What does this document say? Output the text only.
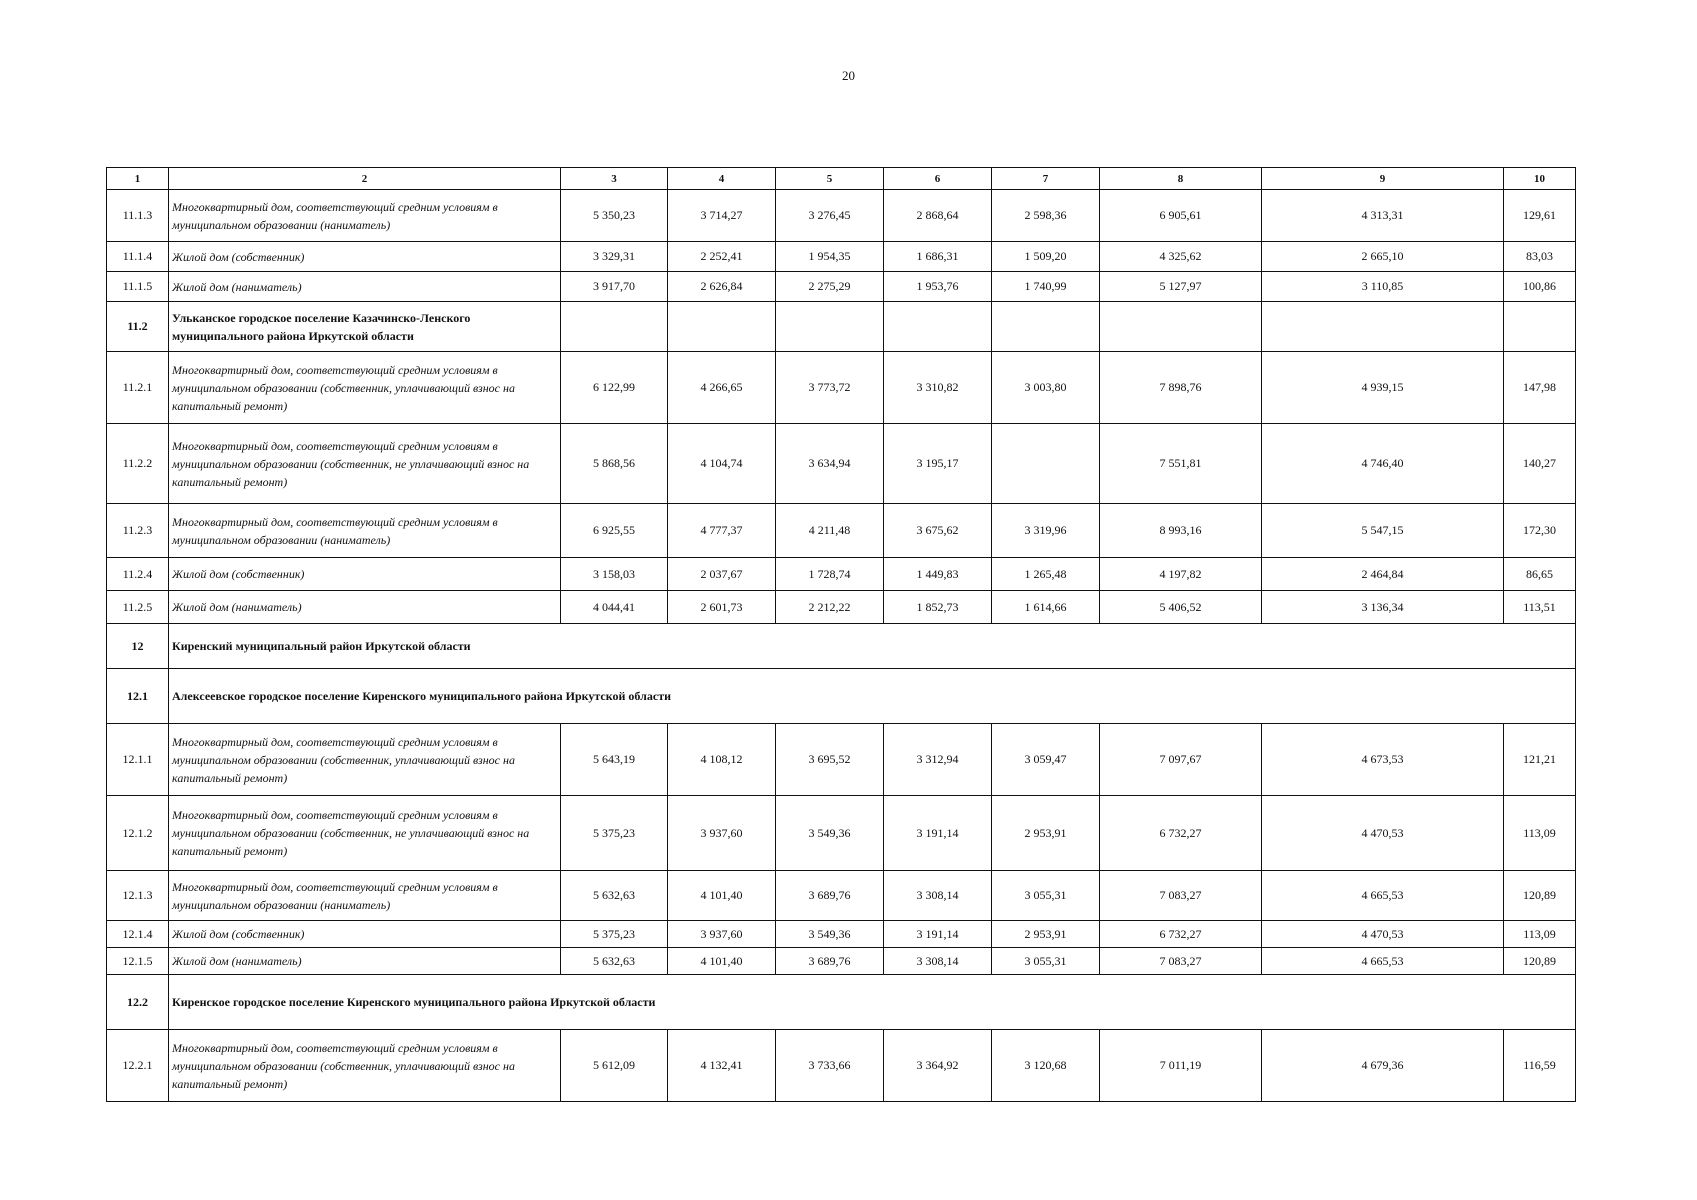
20
1	2	3	4	5	6	7	8	9	10
11.1.3	Многоквартирный дом, соответствующий средним условиям в муниципальном образовании (наниматель)	5 350,23	3 714,27	3 276,45	2 868,64	2 598,36	6 905,61	4 313,31	129,61
11.1.4	Жилой дом (собственник)	3 329,31	2 252,41	1 954,35	1 686,31	1 509,20	4 325,62	2 665,10	83,03
11.1.5	Жилой дом (наниматель)	3 917,70	2 626,84	2 275,29	1 953,76	1 740,99	5 127,97	3 110,85	100,86
11.2	Ульканское городское поселение Казачинско-Ленского муниципального района Иркутской области								
11.2.1	Многоквартирный дом, соответствующий средним условиям в муниципальном образовании (собственник, уплачивающий взнос на капитальный ремонт)	6 122,99	4 266,65	3 773,72	3 310,82	3 003,80	7 898,76	4 939,15	147,98
11.2.2	Многоквартирный дом, соответствующий средним условиям в муниципальном образовании (собственник, не уплачивающий взнос на капитальный ремонт)	5 868,56	4 104,74	3 634,94	3 195,17		7 551,81	4 746,40	140,27
11.2.3	Многоквартирный дом, соответствующий средним условиям в муниципальном образовании (наниматель)	6 925,55	4 777,37	4 211,48	3 675,62	3 319,96	8 993,16	5 547,15	172,30
11.2.4	Жилой дом (собственник)	3 158,03	2 037,67	1 728,74	1 449,83	1 265,48	4 197,82	2 464,84	86,65
11.2.5	Жилой дом (наниматель)	4 044,41	2 601,73	2 212,22	1 852,73	1 614,66	5 406,52	3 136,34	113,51
12	Киренский муниципальный район Иркутской области								
12.1	Алексеевское городское поселение Киренского муниципального района Иркутской области								
12.1.1	Многоквартирный дом, соответствующий средним условиям в муниципальном образовании (собственник, уплачивающий взнос на капитальный ремонт)	5 643,19	4 108,12	3 695,52	3 312,94	3 059,47	7 097,67	4 673,53	121,21
12.1.2	Многоквартирный дом, соответствующий средним условиям в муниципальном образовании (собственник, не уплачивающий взнос на капитальный ремонт)	5 375,23	3 937,60	3 549,36	3 191,14	2 953,91	6 732,27	4 470,53	113,09
12.1.3	Многоквартирный дом, соответствующий средним условиям в муниципальном образовании (наниматель)	5 632,63	4 101,40	3 689,76	3 308,14	3 055,31	7 083,27	4 665,53	120,89
12.1.4	Жилой дом (собственник)	5 375,23	3 937,60	3 549,36	3 191,14	2 953,91	6 732,27	4 470,53	113,09
12.1.5	Жилой дом (наниматель)	5 632,63	4 101,40	3 689,76	3 308,14	3 055,31	7 083,27	4 665,53	120,89
12.2	Киренское городское поселение Киренского муниципального района Иркутской области								
12.2.1	Многоквартирный дом, соответствующий средним условиям в муниципальном образовании (собственник, уплачивающий взнос на капитальный ремонт)	5 612,09	4 132,41	3 733,66	3 364,92	3 120,68	7 011,19	4 679,36	116,59
